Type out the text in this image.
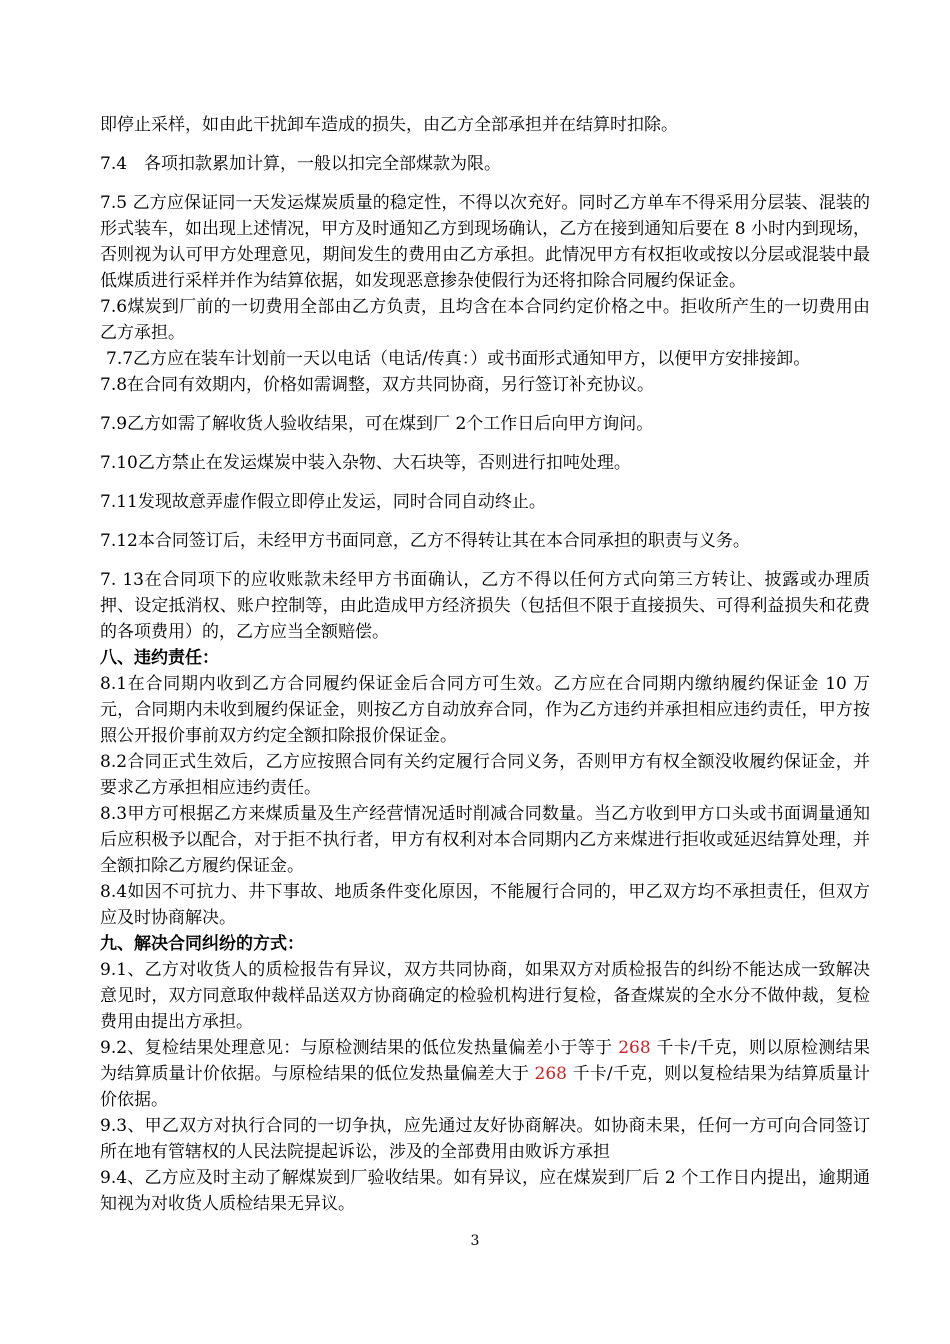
即停止采样，如由此干扰卸车造成的损失，由乙方全部承担并在结算时扣除。

7.4　各项扣款累加计算，一般以扣完全部煤款为限。

7.5 乙方应保证同一天发运煤炭质量的稳定性，不得以次充好。同时乙方单车不得采用分层装、混装的形式装车，如出现上述情况，甲方及时通知乙方到现场确认，乙方在接到通知后要在 8 小时内到现场，否则视为认可甲方处理意见，期间发生的费用由乙方承担。此情况甲方有权拒收或按以分层或混装中最低煤质进行采样并作为结算依据，如发现恶意掺杂使假行为还将扣除合同履约保证金。

7.6煤炭到厂前的一切费用全部由乙方负责，且均含在本合同约定价格之中。拒收所产生的一切费用由乙方承担。

7.7乙方应在装车计划前一天以电话（电话/传真：）或书面形式通知甲方，以便甲方安排接卸。

7.8在合同有效期内，价格如需调整，双方共同协商，另行签订补充协议。

7.9乙方如需了解收货人验收结果，可在煤到厂 2个工作日后向甲方询问。

7.10乙方禁止在发运煤炭中装入杂物、大石块等，否则进行扣吨处理。

7.11发现故意弄虚作假立即停止发运，同时合同自动终止。

7.12本合同签订后，未经甲方书面同意，乙方不得转让其在本合同承担的职责与义务。

7. 13在合同项下的应收账款未经甲方书面确认，乙方不得以任何方式向第三方转让、披露或办理质押、设定抵消权、账户控制等，由此造成甲方经济损失（包括但不限于直接损失、可得利益损失和花费的各项费用）的，乙方应当全额赔偿。

八、违约责任：

8.1在合同期内收到乙方合同履约保证金后合同方可生效。乙方应在合同期内缴纳履约保证金 10 万元，合同期内未收到履约保证金，则按乙方自动放弃合同，作为乙方违约并承担相应违约责任，甲方按照公开报价事前双方约定全额扣除报价保证金。

8.2合同正式生效后，乙方应按照合同有关约定履行合同义务，否则甲方有权全额没收履约保证金，并要求乙方承担相应违约责任。

8.3甲方可根据乙方来煤质量及生产经营情况适时削减合同数量。当乙方收到甲方口头或书面调量通知后应积极予以配合，对于拒不执行者，甲方有权利对本合同期内乙方来煤进行拒收或延迟结算处理，并全额扣除乙方履约保证金。

8.4如因不可抗力、井下事故、地质条件变化原因，不能履行合同的，甲乙双方均不承担责任，但双方应及时协商解决。

九、解决合同纠纷的方式：

9.1、乙方对收货人的质检报告有异议，双方共同协商，如果双方对质检报告的纠纷不能达成一致解决意见时，双方同意取仲裁样品送双方协商确定的检验机构进行复检，备查煤炭的全水分不做仲裁，复检费用由提出方承担。

9.2、复检结果处理意见：与原检测结果的低位发热量偏差小于等于 268 千卡/千克，则以原检测结果为结算质量计价依据。与原检结果的低位发热量偏差大于 268 千卡/千克，则以复检结果为结算质量计价依据。

9.3、甲乙双方对执行合同的一切争执，应先通过友好协商解决。如协商未果，任何一方可向合同签订所在地有管辖权的人民法院提起诉讼，涉及的全部费用由败诉方承担

9.4、乙方应及时主动了解煤炭到厂验收结果。如有异议，应在煤炭到厂后 2 个工作日内提出，逾期通知视为对收货人质检结果无异议。

3
